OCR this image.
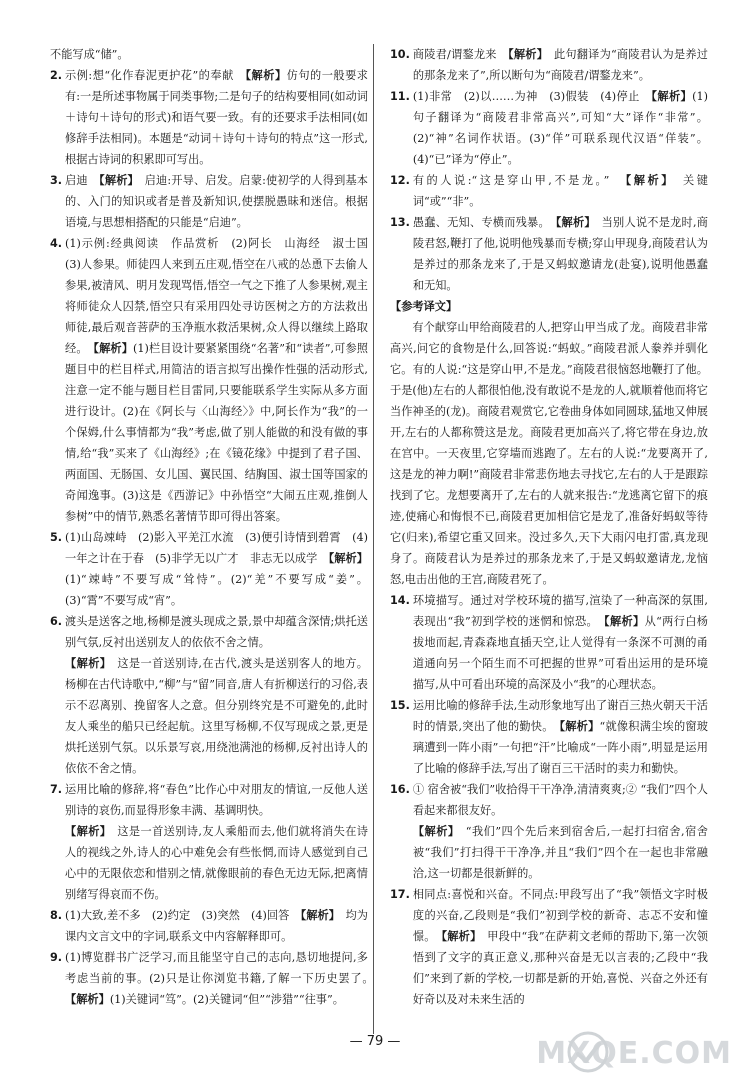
不能写成“储”。

2. 示例:想“化作春泥更护花”的奉献　 【解析】仿句的一般要求有:一是所述事物属于同类事物;二是句子的结构要相同(如动词＋诗句＋诗句的形式)和语气要一致。有的还要求手法相同(如修辞手法相同)。本题是“动词＋诗句＋诗句的特点”这一形式,根据古诗词的积累即可写出。

3. 启迪　 【解析】　 启迪:开导、启发。启蒙:使初学的人得到基本的、入门的知识或者是普及新知识,使摆脱愚昧和迷信。根据语境,与思想相搭配的只能是“启迪”。

4. (1)示例:经典阅读　作品赏析　(2)阿长　山海经　淑士国　(3)人参果。师徒四人来到五庄观,悟空在八戒的怂恿下去偷人参果,被清风、明月发现骂悟,悟空一气之下推了人参果树,观主将师徒众人囚禁,悟空只有采用四处寻访医树之方的方法救出师徒,最后观音菩萨的玉净瓶水救活果树,众人得以继续上路取经。　 【解析】(1)栏目设计要紧紧围绕“名著”和“读者”,可参照题目中的栏目样式,用简洁的语言拟写出操作性强的活动形式,注意一定不能与题目栏目雷同,只要能联系学生实际从多方面进行设计。(2)在《阿长与〈山海经〉》中,阿长作为“我”的一个保姆,什么事情都为“我”考虑,做了别人能做的和没有做的事情,给“我”买来了《山海经》;在《镜花缘》中提到了君子国、两面国、无肠国、女儿国、翼民国、结胸国、淑士国等国家的奇闻逸事。(3)这是《西游记》中孙悟空“大闹五庄观,推倒人参树”中的情节,熟悉名著情节即可得出答案。

5. (1)山岛竦峙　(2)影入平羌江水流　(3)便引诗情到碧霄　(4)一年之计在于春　(5)非学无以广才　非志无以成学　 【解析】(1)“竦峙”不要写成“耸恃”。(2)“羌”不要写成“姜”。(3)“霄”不要写成“宵”。

6. 渡头是送客之地,杨柳是渡头现成之景,景中却蕴含深情;烘托送别气氛,反衬出送别友人的依依不舍之情。
【解析】　 这是一首送别诗,在古代,渡头是送别客人的地方。杨柳在古代诗歌中,“柳”与“留”同音,唐人有折柳送行的习俗,表示不忍离别、挽留客人之意。但分别终究是不可避免的,此时友人乘坐的船只已经起航。这里写杨柳,不仅写现成之景,更是烘托送别气氛。以乐景写哀,用绕池满池的杨柳,反衬出诗人的依依不舍之情。

7. 运用比喻的修辞,将“春色”比作心中对朋友的情谊,一反他人送别诗的哀伤,而显得形象丰满、基调明快。
【解析】　 这是一首送别诗,友人乘船而去,他们就将消失在诗人的视线之外,诗人的心中难免会有些怅惘,而诗人感觉到自己心中的无限依恋和惜别之情,就像眼前的春色无边无际,把离情别绪写得哀而不伤。

8. (1)大致,差不多　(2)约定　(3)突然　(4)回答　 【解析】　 均为课内文言文中的字词,联系文中内容解释即可。

9. (1)博览群书广泛学习,而且能坚守自己的志向,恳切地提问,多考虑当前的事。(2)只是让你浏览书籍,了解一下历史罢了。　【解析】(1)关键词“笃”。(2)关键词“但”“涉猎”“往事”。

10. 商陵君/谓鍪龙来　 【解析】　 此句翻译为“商陵君认为是养过的那条龙来了”,所以断句为“商陵君/谓鍪龙来”。

11. (1)非常　(2)以……为神　(3)假装　(4)停止　 【解析】(1)句子翻译为“商陵君非常高兴”,可知“大”译作“非常”。(2)“神”名词作状语。(3)“佯”可联系现代汉语“佯装”。(4)“已”译为“停止”。

12. 有的人说:“这是穿山甲,不是龙。”　 【解析】　 关键词“或”“非”。

13. 愚蠢、无知、专横而残暴。　 【解析】　 当别人说不是龙时,商陵君怒,鞭打了他,说明他残暴而专横;穿山甲现身,商陵君认为是养过的那条龙来了,于是又蚂蚁邀请龙(赴宴),说明他愚蠢和无知。

【参考译文】

有个献穿山甲给商陵君的人,把穿山甲当成了龙。商陵君非常高兴,问它的食物是什么,回答说:“蚂蚁。”商陵君派人豢养并驯化它。有的人说:“这是穿山甲,不是龙。”商陵君很恼怒地鞭打了他。于是(他)左右的人都很怕他,没有敢说不是龙的人,就顺着他而将它当作神圣的(龙)。商陵君观赏它,它卷曲身体如同圆球,猛地又伸展开,左右的人都称赞这是龙。商陵君更加高兴了,将它带在身边,放在宫中。一天夜里,它穿墙而逃跑了。左右的人说:“龙要离开了,这是龙的神力啊!”商陵君非常悲伤地去寻找它,左右的人于是跟踪找到了它。龙想要离开了,左右的人就来报告:“龙逃离它留下的痕迹,使痛心和悔恨不已,商陵君更加相信它是龙了,准备好蚂蚁等待它(归来),希望它重又回来。没过多久,天下大雨闪电打雷,真龙现身了。商陵君认为是养过的那条龙来了,于是又蚂蚁邀请龙,龙恼怒,电击出他的王宫,商陵君死了。

14. 环境描写。通过对学校环境的描写,渲染了一种高深的氛围,表现出“我”初到学校的迷惘和惊恐。　 【解析】从“两行白杨拔地而起,青森森地直插天空,让人觉得有一条深不可测的甬道通向另一个陌生而不可把握的世界”可看出运用的是环境描写,从中可看出环境的高深及小“我”的心理状态。

15. 运用比喻的修辞手法,生动形象地写出了谢百三热火朝天干活时的情景,突出了他的勤快。　 【解析】“就像积满尘埃的窗玻璃遭到一阵小雨”一句把“汗”比喻成“一阵小雨”,明显是运用了比喻的修辞手法,写出了谢百三干活时的卖力和勤快。

16. ① 宿舍被“我们”收拾得干干净净,清清爽爽;② “我们”四个人看起来都很友好。
【解析】　 “我们”四个先后来到宿舍后,一起打扫宿舍,宿舍被“我们”打扫得干干净净,并且“我们”四个在一起也非常融洽,这一切都是很新鲜的。

17. 相同点:喜悦和兴奋。不同点:甲段写出了“我”领悟文字时极度的兴奋,乙段则是“我们”初到学校的新奇、志忑不安和憧憬。　 【解析】　 甲段中“我”在萨莉文老师的帮助下,第一次领悟到了文字的真正意义,那种兴奋是无以言表的;乙段中“我们”来到了新的学校,一切都是新的开始,喜悦、兴奋之外还有好奇以及对未来生活的

— 79 —	MXQE.COM
